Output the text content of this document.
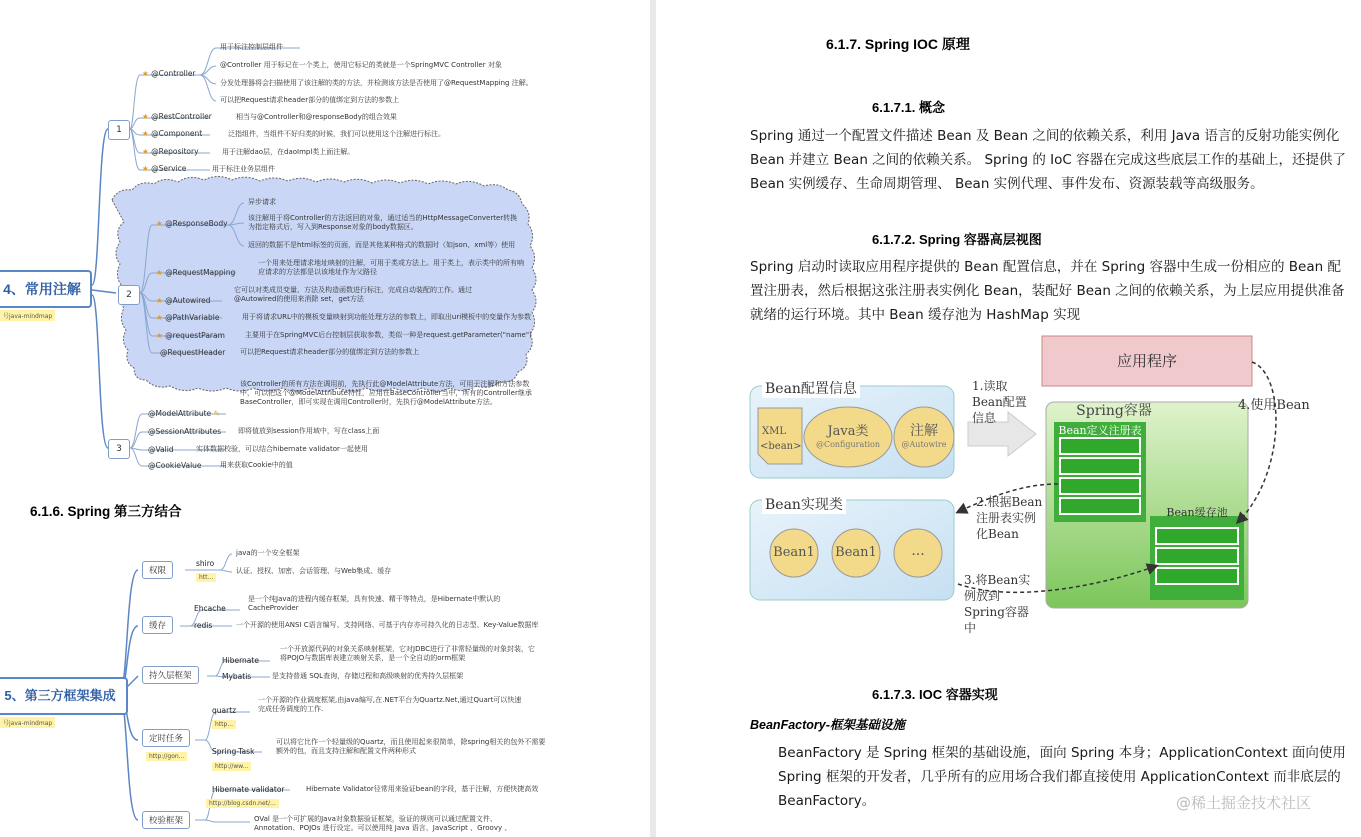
4、常用注解
号java-mindmap
1
★ @Controller
用于标注控制层组件
@Controller 用于标记在一个类上，使用它标记的类就是一个SpringMVC Controller 对象
分发处理器将会扫描使用了该注解的类的方法，并检测该方法是否使用了@RequestMapping 注解。
可以把Request请求header部分的值绑定到方法的参数上
★ @RestController	相当与@Controller和@responseBody的组合效果
★ @Component	泛指组件，当组件不好归类的时候，我们可以使用这个注解进行标注。
★ @Repository	用于注解dao层，在daoImpl类上面注解。
★ @Service	用于标注业务层组件
2
★ @ResponseBody
异步请求
该注解用于将Controller的方法返回的对象，通过适当的HttpMessageConverter转换为指定格式后，写入到Response对象的body数据区。
返回的数据不是html标签的页面，而是其他某种格式的数据时（如json、xml等）使用
★ @RequestMapping
一个用来处理请求地址映射的注解，可用于类或方法上。用于类上，表示类中的所有响应请求的方法都是以该地址作为父路径
★ @Autowired
它可以对类成员变量、方法及构造函数进行标注，完成自动装配的工作。通过@Autowired的使用来消除 set，get方法
★ @PathVariable	用于将请求URL中的模板变量映射到功能处理方法的参数上，即取出uri模板中的变量作为参数
★ @requestParam	主要用于在SpringMVC后台控制层获取参数，类似一种是request.getParameter("name")
@RequestHeader 可以把Request请求header部分的值绑定到方法的参数上
3
@ModelAttribute ✎
该Controller的所有方法在调用前，先执行此@ModelAttribute方法，可用于注解和方法参数中，可以把这个@ModelAttribute特性，应用在BaseController当中，所有的Controller继承BaseController，即可实现在调用Controller时，先执行@ModelAttribute方法。
@SessionAttributes 即将值放到session作用域中，写在class上面
@Valid	实体数据校验，可以结合hibernate validator一起使用
@CookieValue	用来获取Cookie中的值
6.1.6. Spring 第三方结合
5、第三方框架集成
号java-mindmap
权限
shiro
htt...
java的一个安全框架
认证、授权、加密、会话管理、与Web集成、缓存
缓存
Ehcache
是一个纯Java的进程内缓存框架，具有快速、精干等特点，是Hibernate中默认的CacheProvider
redis	一个开源的使用ANSI C语言编写、支持网络、可基于内存亦可持久化的日志型、Key-Value数据库
持久层框架
Hibernate
一个开放源代码的对象关系映射框架，它对JDBC进行了非常轻量级的对象封装，它将POJO与数据库表建立映射关系，是一个全自动的orm框架
Mybatis	是支持普通 SQL查询，存储过程和高级映射的优秀持久层框架
定时任务
http://gon...
quartz
http...
一个开源的作业调度框架,由java编写,在.NET平台为Quartz.Net,通过Quart可以快速完成任务调度的工作.
Spring-Task
http://ww...
可以将它比作一个轻量级的Quartz，而且使用起来很简单，除spring相关的包外不需要额外的包，而且支持注解和配置文件两种形式
校验框架
Hibernate validator
http://blog.csdn.net/...
Hibernate Validator径常用来验证bean的字段，基于注解，方便快捷高效
OVal 是一个可扩展的Java对象数据验证框架，验证的规则可以通过配置文件、Annotation、POJOs 进行设定。可以使用纯 Java 语言、JavaScript 、Groovy 、
6.1.7. Spring IOC 原理
6.1.7.1. 概念
Spring 通过一个配置文件描述 Bean 及 Bean 之间的依赖关系，利用 Java 语言的反射功能实例化 Bean 并建立 Bean 之间的依赖关系。 Spring 的 IoC 容器在完成这些底层工作的基础上，还提供了 Bean 实例缓存、生命周期管理、 Bean 实例代理、事件发布、资源装载等高级服务。
6.1.7.2. Spring 容器高层视图
Spring 启动时读取应用程序提供的 Bean 配置信息，并在 Spring 容器中生成一份相应的 Bean 配置注册表，然后根据这张注册表实例化 Bean，装配好 Bean 之间的依赖关系，为上层应用提供准备就绪的运行环境。其中 Bean 缓存池为 HashMap 实现
应用程序
Bean配置信息
XML
<bean>
Java类
@Configuration
注解
@Autowire
1.读取Bean配置信息	Spring容器
Bean定义注册表
4.使用Bean
Bean实现类
Bean1 Bean1	...
2.根据Bean注册表实例化Bean
Bean缓存池
3.将Bean实例放到Spring容器中
6.1.7.3. IOC 容器实现
BeanFactory-框架基础设施
BeanFactory 是 Spring 框架的基础设施，面向 Spring 本身；ApplicationContext 面向使用 Spring 框架的开发者，几乎所有的应用场合我们都直接使用 ApplicationContext 而非底层的 BeanFactory。	@稀土掘金技术社区
